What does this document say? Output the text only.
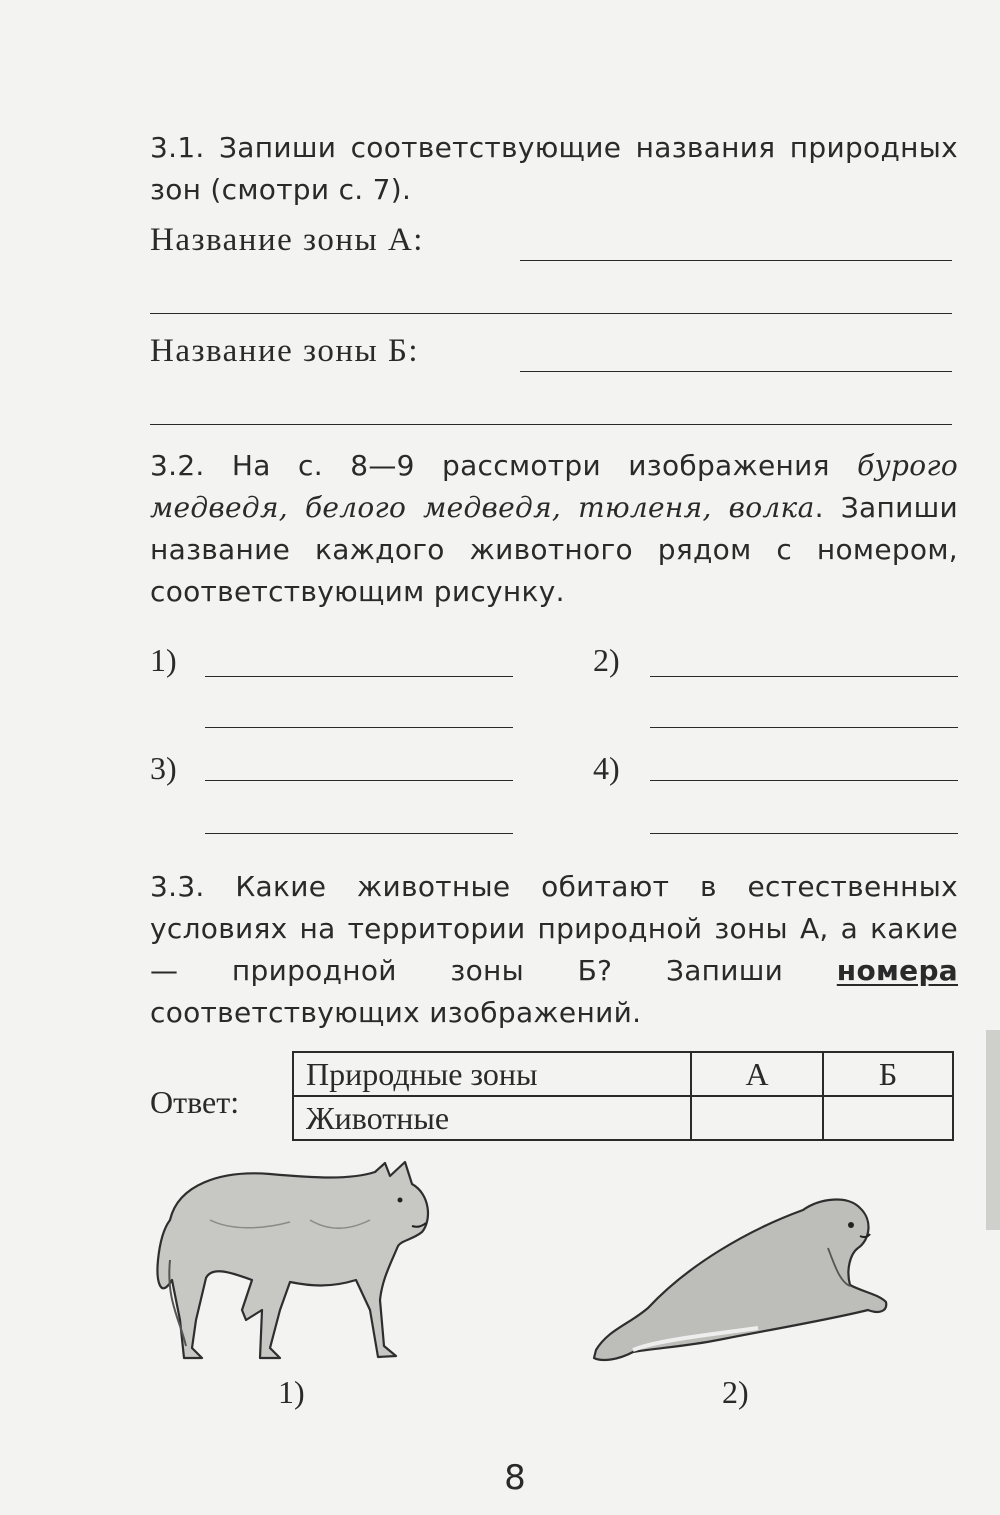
3.1. Запиши соответствующие названия природных зон (смотри с. 7).

Название зоны А:
Название зоны Б:

3.2. На с. 8—9 рассмотри изображения бурого медведя, белого медведя, тюленя, волка. Запиши название каждого животного рядом с номером, соответствующим рисунку.

1)	2)
3)	4)

3.3. Какие животные обитают в естественных условиях на территории природной зоны А, а какие — природной зоны Б? Запиши номера соответствующих изображений.

Ответ:
Природные зоны	А	Б
Животные		
1)	2)
8
